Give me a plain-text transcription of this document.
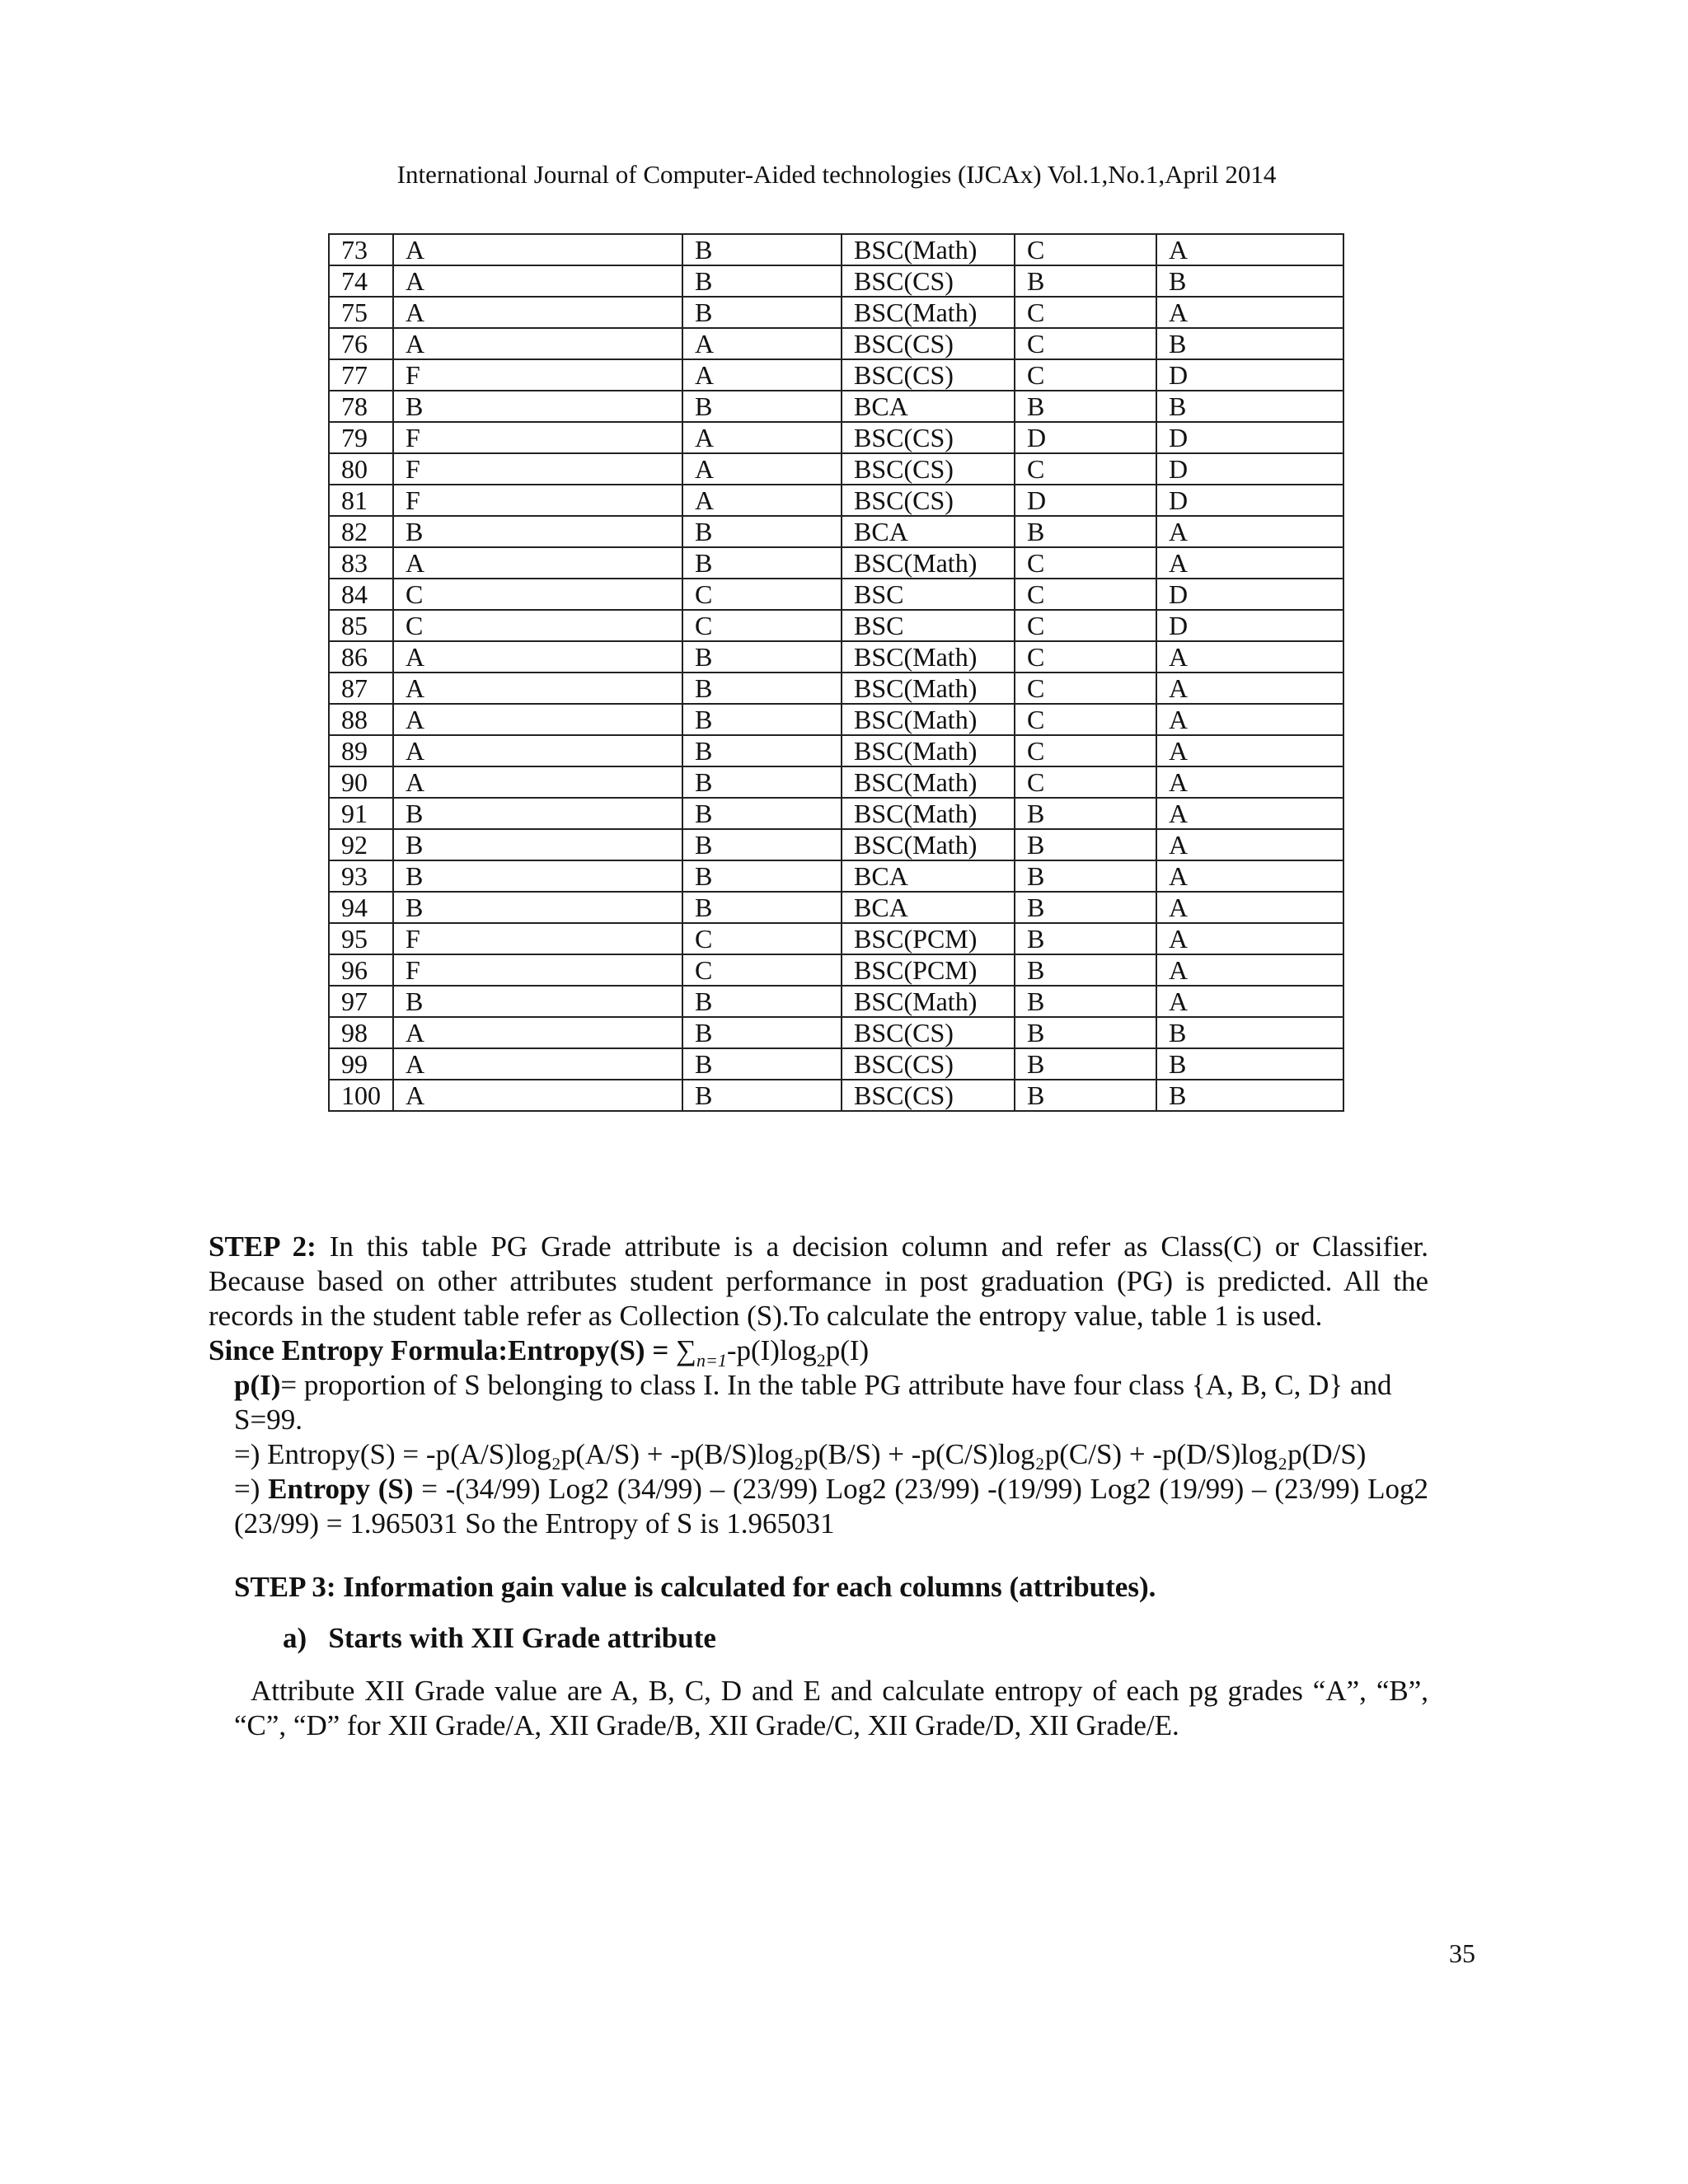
International Journal of Computer-Aided technologies (IJCAx) Vol.1,No.1,April 2014
73	A	B	BSC(Math)	C	A
74	A	B	BSC(CS)	B	B
75	A	B	BSC(Math)	C	A
76	A	A	BSC(CS)	C	B
77	F	A	BSC(CS)	C	D
78	B	B	BCA	B	B
79	F	A	BSC(CS)	D	D
80	F	A	BSC(CS)	C	D
81	F	A	BSC(CS)	D	D
82	B	B	BCA	B	A
83	A	B	BSC(Math)	C	A
84	C	C	BSC	C	D
85	C	C	BSC	C	D
86	A	B	BSC(Math)	C	A
87	A	B	BSC(Math)	C	A
88	A	B	BSC(Math)	C	A
89	A	B	BSC(Math)	C	A
90	A	B	BSC(Math)	C	A
91	B	B	BSC(Math)	B	A
92	B	B	BSC(Math)	B	A
93	B	B	BCA	B	A
94	B	B	BCA	B	A
95	F	C	BSC(PCM)	B	A
96	F	C	BSC(PCM)	B	A
97	B	B	BSC(Math)	B	A
98	A	B	BSC(CS)	B	B
99	A	B	BSC(CS)	B	B
100	A	B	BSC(CS)	B	B

STEP 2: In this table PG Grade attribute is a decision column and refer as Class(C) or Classifier. Because based on other attributes student performance in post graduation (PG) is predicted. All the records in the student table refer as Collection (S).To calculate the entropy value, table 1 is used.

Since Entropy Formula:Entropy(S) = $\sum_{n=1}-p(I)\log_2p(I)$

p(I)= proportion of S belonging to class I. In the table PG attribute have four class {A, B, C, D} and S=99.

=) Entropy(S) = -p(A/S)log₂p(A/S) + -p(B/S)log₂p(B/S) + -p(C/S)log₂p(C/S) + -p(D/S)log₂p(D/S)

=) Entropy (S) = -(34/99) Log2 (34/99) – (23/99) Log2 (23/99) -(19/99) Log2 (19/99) – (23/99) Log2 (23/99) = 1.965031 So the Entropy of S is 1.965031

STEP 3: Information gain value is calculated for each columns (attributes).

a)   Starts with XII Grade attribute

Attribute XII Grade value are A, B, C, D and E and calculate entropy of each pg grades “A”, “B”, “C”, “D” for XII Grade/A, XII Grade/B, XII Grade/C, XII Grade/D, XII Grade/E.

35
